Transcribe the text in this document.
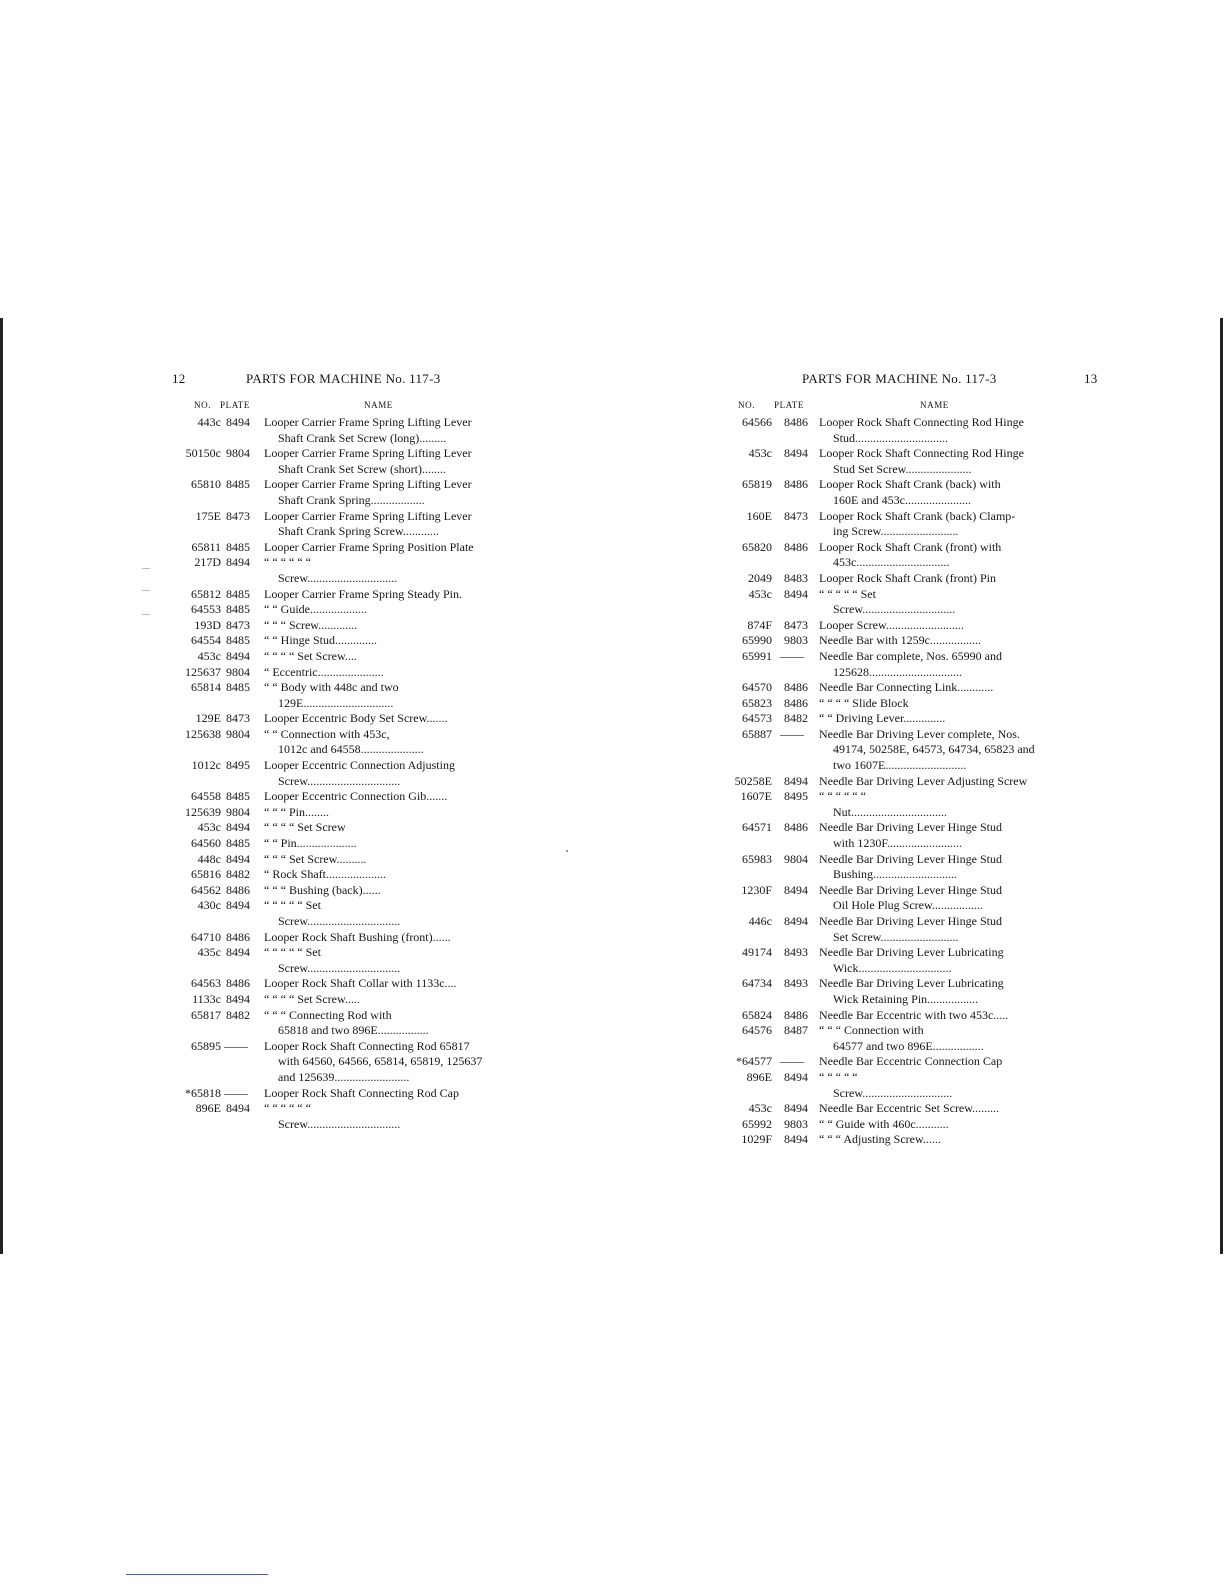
12	PARTS FOR MACHINE No. 117-3
NO. PLATE	NAME
443c 8494 Looper Carrier Frame Spring Lifting Lever
Shaft Crank Set Screw (long).........
50150c 9804 Looper Carrier Frame Spring Lifting Lever
Shaft Crank Set Screw (short)........
65810 8485 Looper Carrier Frame Spring Lifting Lever
Shaft Crank Spring..................
175E 8473 Looper Carrier Frame Spring Lifting Lever
Shaft Crank Spring Screw............
65811 8485 Looper Carrier Frame Spring Position Plate
217D 8494 “ “ “ “ “ “
Screw..............................
65812 8485 Looper Carrier Frame Spring Steady Pin.
64553 8485 “ “ Guide...................
193D 8473 “ “ “ Screw.............
64554 8485 “ “ Hinge Stud..............
453c 8494 “ “ “ “ Set Screw....
125637 9804 “ Eccentric......................
65814 8485 “ “ Body with 448c and two
129E..............................
129E 8473 Looper Eccentric Body Set Screw.......
125638 9804 “ “ Connection with 453c,
1012c and 64558.....................
1012c 8495 Looper Eccentric Connection Adjusting
Screw...............................
64558 8485 Looper Eccentric Connection Gib.......
125639 9804 “ “ “ Pin........
453c 8494 “ “ “ “ Set Screw
64560 8485 “ “ Pin....................
448c 8494 “ “ “ Set Screw..........
65816 8482 “ Rock Shaft....................
64562 8486 “ “ “ Bushing (back)......
430c 8494 “ “ “ “ “ Set
Screw...............................
64710 8486 Looper Rock Shaft Bushing (front)......
435c 8494 “ “ “ “ “ Set
Screw...............................
64563 8486 Looper Rock Shaft Collar with 1133c....
1133c 8494 “ “ “ “ Set Screw.....
65817 8482 “ “ “ Connecting Rod with
65818 and two 896E.................
65895 —— Looper Rock Shaft Connecting Rod 65817
with 64560, 64566, 65814, 65819, 125637
and 125639.........................
*65818 —— Looper Rock Shaft Connecting Rod Cap
896E 8494 “ “ “ “ “ “
Screw...............................
PARTS FOR MACHINE No. 117-3	13
NO. PLATE	NAME
64566	8486 Looper Rock Shaft Connecting Rod Hinge
Stud...............................
453c	8494 Looper Rock Shaft Connecting Rod Hinge
Stud Set Screw......................
65819	8486 Looper Rock Shaft Crank (back) with
160E and 453c......................
160E	8473 Looper Rock Shaft Crank (back) Clamp-
ing Screw..........................
65820	8486 Looper Rock Shaft Crank (front) with
453c...............................
2049	8483 Looper Rock Shaft Crank (front) Pin
453c	8494 “ “ “ “ “ Set
Screw...............................
874F	8473 Looper Screw..........................
65990	9803 Needle Bar with 1259c.................
65991 ——	Needle Bar complete, Nos. 65990 and
125628...............................
64570	8486 Needle Bar Connecting Link............
65823	8486 “ “ “ “ Slide Block
64573	8482 “ “ Driving Lever..............
65887 ——	Needle Bar Driving Lever complete, Nos.
49174, 50258E, 64573, 64734, 65823 and
two 1607E...........................
50258E	8494 Needle Bar Driving Lever Adjusting Screw
1607E	8495 “ “ “ “ “ “
Nut................................
64571	8486 Needle Bar Driving Lever Hinge Stud
with 1230F.........................
65983	9804 Needle Bar Driving Lever Hinge Stud
Bushing............................
1230F	8494 Needle Bar Driving Lever Hinge Stud
Oil Hole Plug Screw.................
446c	8494 Needle Bar Driving Lever Hinge Stud
Set Screw..........................
49174	8493 Needle Bar Driving Lever Lubricating
Wick...............................
64734	8493 Needle Bar Driving Lever Lubricating
Wick Retaining Pin.................
65824	8486 Needle Bar Eccentric with two 453c.....
64576	8487 “ “ “ Connection with
64577 and two 896E.................
*64577 ——	Needle Bar Eccentric Connection Cap
896E	8494 “ “ “ “ “
Screw..............................
453c	8494 Needle Bar Eccentric Set Screw.........
65992	9803 “ “ Guide with 460c...........
1029F	8494 “ “ “ Adjusting Screw......
